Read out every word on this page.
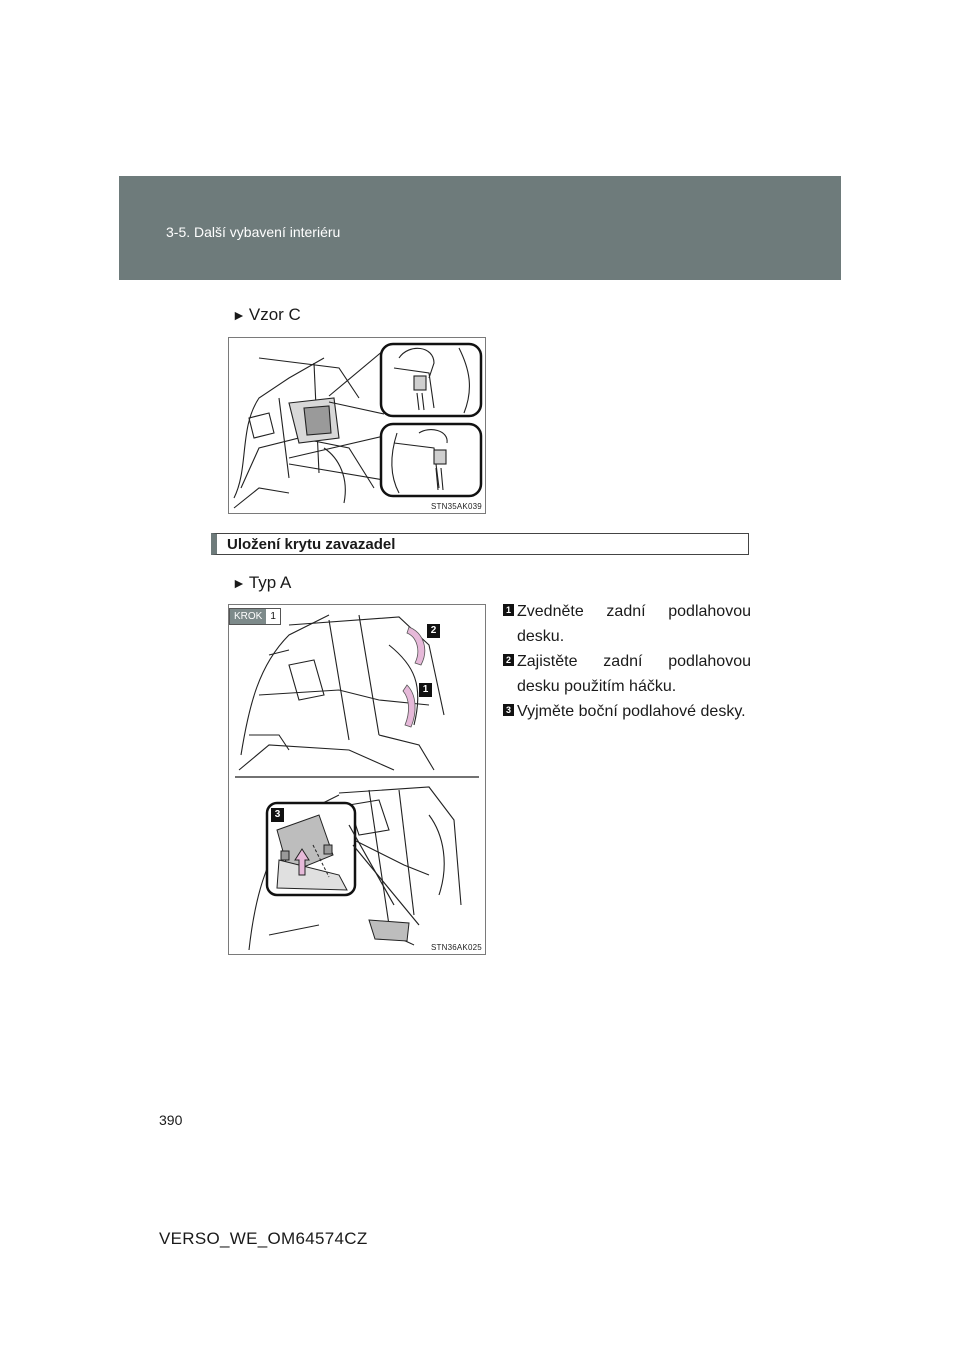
3-5. Další vybavení interiéru
► Vzor C
STN35AK039
Uložení krytu zavazadel
► Typ A
2
1
3
STN36AK025
KROK 1
1 Zvedněte zadní podlahovou desku.
2 Zajistěte zadní podlahovou desku použitím háčku.
3 Vyjměte boční podlahové desky.
390
VERSO_WE_OM64574CZ
